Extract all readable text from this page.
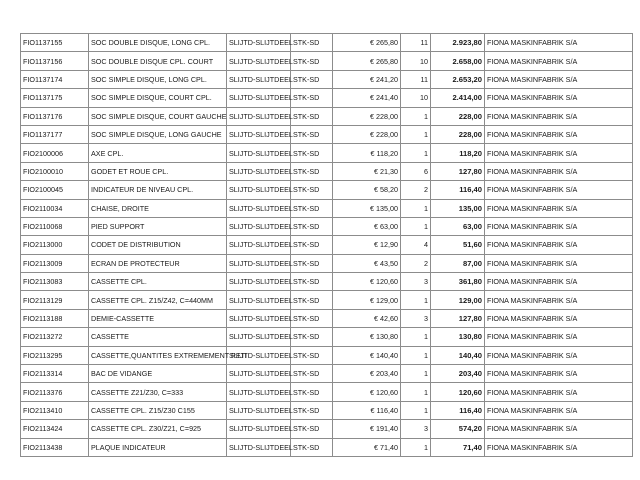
FIO1137155	SOC DOUBLE DISQUE, LONG CPL.	SLIJTD-SLIJTDEEL	STK-SD	€ 265,80	11	2.923,80	FIONA MASKINFABRIK S/A
FIO1137156	SOC DOUBLE DISQUE CPL. COURT	SLIJTD-SLIJTDEEL	STK-SD	€ 265,80	10	2.658,00	FIONA MASKINFABRIK S/A
FIO1137174	SOC SIMPLE DISQUE, LONG CPL.	SLIJTD-SLIJTDEEL	STK-SD	€ 241,20	11	2.653,20	FIONA MASKINFABRIK S/A
FIO1137175	SOC SIMPLE DISQUE, COURT CPL.	SLIJTD-SLIJTDEEL	STK-SD	€ 241,40	10	2.414,00	FIONA MASKINFABRIK S/A
FIO1137176	SOC SIMPLE DISQUE, COURT GAUCHE	SLIJTD-SLIJTDEEL	STK-SD	€ 228,00	1	228,00	FIONA MASKINFABRIK S/A
FIO1137177	SOC SIMPLE DISQUE, LONG GAUCHE	SLIJTD-SLIJTDEEL	STK-SD	€ 228,00	1	228,00	FIONA MASKINFABRIK S/A
FIO2100006	AXE CPL.	SLIJTD-SLIJTDEEL	STK-SD	€ 118,20	1	118,20	FIONA MASKINFABRIK S/A
FIO2100010	GODET ET ROUE CPL.	SLIJTD-SLIJTDEEL	STK-SD	€ 21,30	6	127,80	FIONA MASKINFABRIK S/A
FIO2100045	INDICATEUR DE NIVEAU CPL.	SLIJTD-SLIJTDEEL	STK-SD	€ 58,20	2	116,40	FIONA MASKINFABRIK S/A
FIO2110034	CHAISE, DROITE	SLIJTD-SLIJTDEEL	STK-SD	€ 135,00	1	135,00	FIONA MASKINFABRIK S/A
FIO2110068	PIED SUPPORT	SLIJTD-SLIJTDEEL	STK-SD	€ 63,00	1	63,00	FIONA MASKINFABRIK S/A
FIO2113000	CODET DE DISTRIBUTION	SLIJTD-SLIJTDEEL	STK-SD	€ 12,90	4	51,60	FIONA MASKINFABRIK S/A
FIO2113009	ECRAN DE PROTECTEUR	SLIJTD-SLIJTDEEL	STK-SD	€ 43,50	2	87,00	FIONA MASKINFABRIK S/A
FIO2113083	CASSETTE CPL.	SLIJTD-SLIJTDEEL	STK-SD	€ 120,60	3	361,80	FIONA MASKINFABRIK S/A
FIO2113129	CASSETTE CPL. Z15/Z42, C=440MM	SLIJTD-SLIJTDEEL	STK-SD	€ 129,00	1	129,00	FIONA MASKINFABRIK S/A
FIO2113188	DEMIE-CASSETTE	SLIJTD-SLIJTDEEL	STK-SD	€ 42,60	3	127,80	FIONA MASKINFABRIK S/A
FIO2113272	CASSETTE	SLIJTD-SLIJTDEEL	STK-SD	€ 130,80	1	130,80	FIONA MASKINFABRIK S/A
FIO2113295	CASSETTE,QUANTITES EXTREMEMENT PETI	SLIJTD-SLIJTDEEL	STK-SD	€ 140,40	1	140,40	FIONA MASKINFABRIK S/A
FIO2113314	BAC DE VIDANGE	SLIJTD-SLIJTDEEL	STK-SD	€ 203,40	1	203,40	FIONA MASKINFABRIK S/A
FIO2113376	CASSETTE Z21/Z30, C=333	SLIJTD-SLIJTDEEL	STK-SD	€ 120,60	1	120,60	FIONA MASKINFABRIK S/A
FIO2113410	CASSETTE CPL. Z15/Z30 C155	SLIJTD-SLIJTDEEL	STK-SD	€ 116,40	1	116,40	FIONA MASKINFABRIK S/A
FIO2113424	CASSETTE CPL. Z30/Z21, C=925	SLIJTD-SLIJTDEEL	STK-SD	€ 191,40	3	574,20	FIONA MASKINFABRIK S/A
FIO2113438	PLAQUE INDICATEUR	SLIJTD-SLIJTDEEL	STK-SD	€ 71,40	1	71,40	FIONA MASKINFABRIK S/A
